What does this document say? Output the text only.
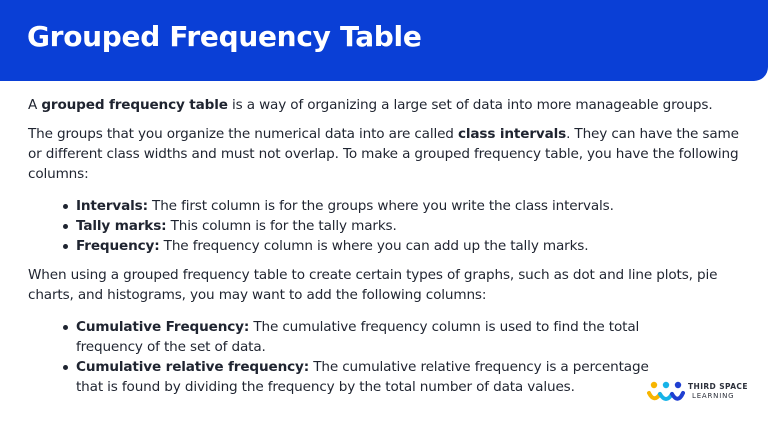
Grouped Frequency Table

A grouped frequency table is a way of organizing a large set of data into more manageable groups.

The groups that you organize the numerical data into are called class intervals. They can have the same or different class widths and must not overlap. To make a grouped frequency table, you have the following columns:

Intervals: The first column is for the groups where you write the class intervals.
Tally marks: This column is for the tally marks.
Frequency: The frequency column is where you can add up the tally marks.

When using a grouped frequency table to create certain types of graphs, such as dot and line plots, pie charts, and histograms, you may want to add the following columns:

Cumulative Frequency: The cumulative frequency column is used to find the total frequency of the set of data.
Cumulative relative frequency: The cumulative relative frequency is a percentage that is found by dividing the frequency by the total number of data values.	THIRD SPACE
LEARNING
